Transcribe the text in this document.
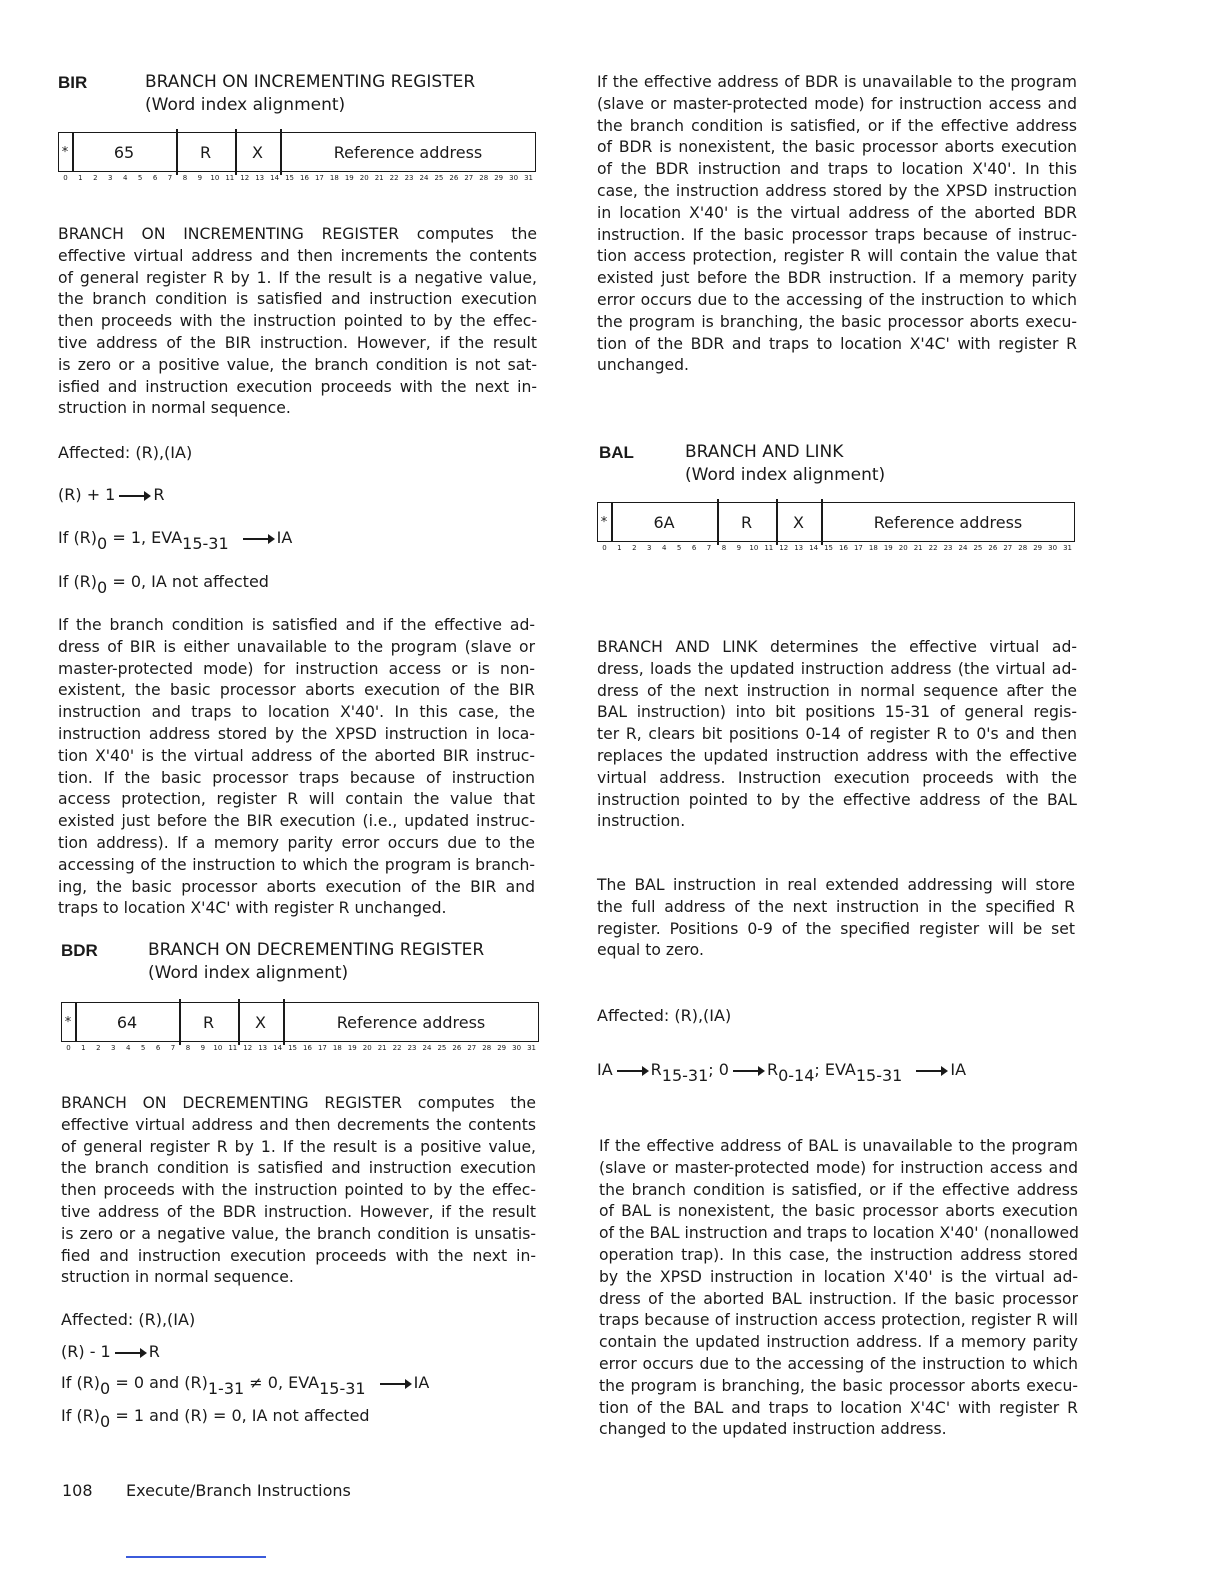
BIR	BRANCH ON INCREMENTING REGISTER
(Word index alignment)
*	65	R	X	Reference address
0 1 2 3 4 5 6 7 8 9 10 11 12 13 14 15 16 17 18 19 20 21 22 23 24 25 26 27 28 29 30 31
BRANCH ON INCREMENTING REGISTER computes the
effective virtual address and then increments the contents
of general register R by 1. If the result is a negative value,
the branch condition is satisfied and instruction execution
then proceeds with the instruction pointed to by the effec-
tive address of the BIR instruction. However, if the result
is zero or a positive value, the branch condition is not sat-
isfied and instruction execution proceeds with the next in-
struction in normal sequence.
Affected: (R),(IA)
(R) + 1 R
If (R)0 = 1, EVA15-31	IA
If (R)0 = 0, IA not affected
If the branch condition is satisfied and if the effective ad-
dress of BIR is either unavailable to the program (slave or
master-protected mode) for instruction access or is non-
existent, the basic processor aborts execution of the BIR
instruction and traps to location X'40'. In this case, the
instruction address stored by the XPSD instruction in loca-
tion X'40' is the virtual address of the aborted BIR instruc-
tion. If the basic processor traps because of instruction
access protection, register R will contain the value that
existed just before the BIR execution (i.e., updated instruc-
tion address). If a memory parity error occurs due to the
accessing of the instruction to which the program is branch-
ing, the basic processor aborts execution of the BIR and
traps to location X'4C' with register R unchanged.
BDR	BRANCH ON DECREMENTING REGISTER
(Word index alignment)
*	64	R	X	Reference address
0 1 2 3 4 5 6 7 8 9 10 11 12 13 14 15 16 17 18 19 20 21 22 23 24 25 26 27 28 29 30 31
BRANCH ON DECREMENTING REGISTER computes the
effective virtual address and then decrements the contents
of general register R by 1. If the result is a positive value,
the branch condition is satisfied and instruction execution
then proceeds with the instruction pointed to by the effec-
tive address of the BDR instruction. However, if the result
is zero or a negative value, the branch condition is unsatis-
fied and instruction execution proceeds with the next in-
struction in normal sequence.
Affected: (R),(IA)
(R) - 1 R
If (R)0 = 0 and (R)1-31 ≠ 0, EVA15-31	IA
If (R)0 = 1 and (R) = 0, IA not affected
If the effective address of BDR is unavailable to the program
(slave or master-protected mode) for instruction access and
the branch condition is satisfied, or if the effective address
of BDR is nonexistent, the basic processor aborts execution
of the BDR instruction and traps to location X'40'. In this
case, the instruction address stored by the XPSD instruction
in location X'40' is the virtual address of the aborted BDR
instruction. If the basic processor traps because of instruc-
tion access protection, register R will contain the value that
existed just before the BDR instruction. If a memory parity
error occurs due to the accessing of the instruction to which
the program is branching, the basic processor aborts execu-
tion of the BDR and traps to location X'4C' with register R
unchanged.
BAL	BRANCH AND LINK
(Word index alignment)
*	6A	R	X	Reference address
0 1 2 3 4 5 6 7 8 9 10 11 12 13 14 15 16 17 18 19 20 21 22 23 24 25 26 27 28 29 30 31
BRANCH AND LINK determines the effective virtual ad-
dress, loads the updated instruction address (the virtual ad-
dress of the next instruction in normal sequence after the
BAL instruction) into bit positions 15-31 of general regis-
ter R, clears bit positions 0-14 of register R to 0's and then
replaces the updated instruction address with the effective
virtual address. Instruction execution proceeds with the
instruction pointed to by the effective address of the BAL
instruction.
The BAL instruction in real extended addressing will store
the full address of the next instruction in the specified R
register. Positions 0-9 of the specified register will be set
equal to zero.
Affected: (R),(IA)
IA R15-31; 0 R0-14; EVA15-31	IA
If the effective address of BAL is unavailable to the program
(slave or master-protected mode) for instruction access and
the branch condition is satisfied, or if the effective address
of BAL is nonexistent, the basic processor aborts execution
of the BAL instruction and traps to location X'40' (nonallowed
operation trap). In this case, the instruction address stored
by the XPSD instruction in location X'40' is the virtual ad-
dress of the aborted BAL instruction. If the basic processor
traps because of instruction access protection, register R will
contain the updated instruction address. If a memory parity
error occurs due to the accessing of the instruction to which
the program is branching, the basic processor aborts execu-
tion of the BAL and traps to location X'4C' with register R
changed to the updated instruction address.
108 Execute/Branch Instructions
